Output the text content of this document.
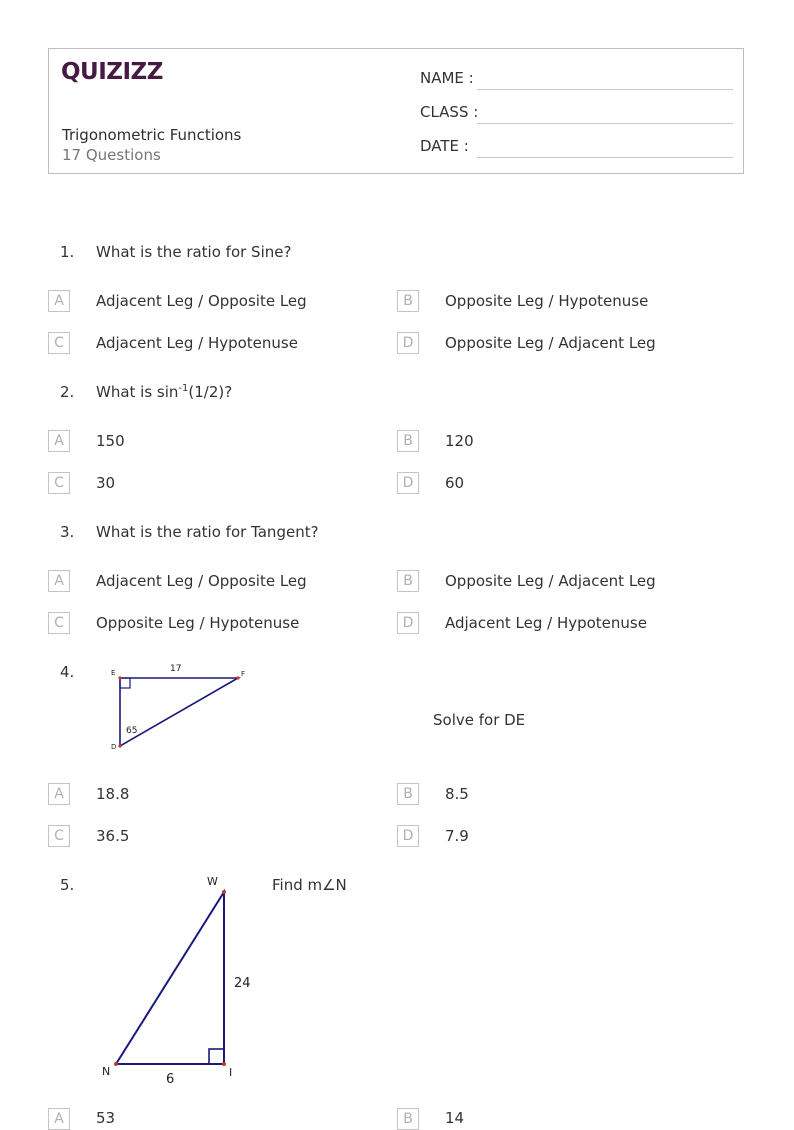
QUIZIZZ
Trigonometric Functions
17 Questions
NAME :
CLASS :
DATE :
1. What is the ratio for Sine?
A	Adjacent Leg / Opposite Leg	B	Opposite Leg / Hypotenuse
C	Adjacent Leg / Hypotenuse	D	Opposite Leg / Adjacent Leg
2. What is $\sin^{-1}(1/2)$?
A	150	B	120
C	30	D	60
3. What is the ratio for Tangent?
A	Adjacent Leg / Opposite Leg	B	Opposite Leg / Adjacent Leg
C	Opposite Leg / Hypotenuse	D	Adjacent Leg / Hypotenuse
4.	E	F
D
17
65
Solve for DE
A	18.8	B	8.5
C	36.5	D	7.9
5.	W
N	I
24
6
Find m∠N
A	53	B	14
